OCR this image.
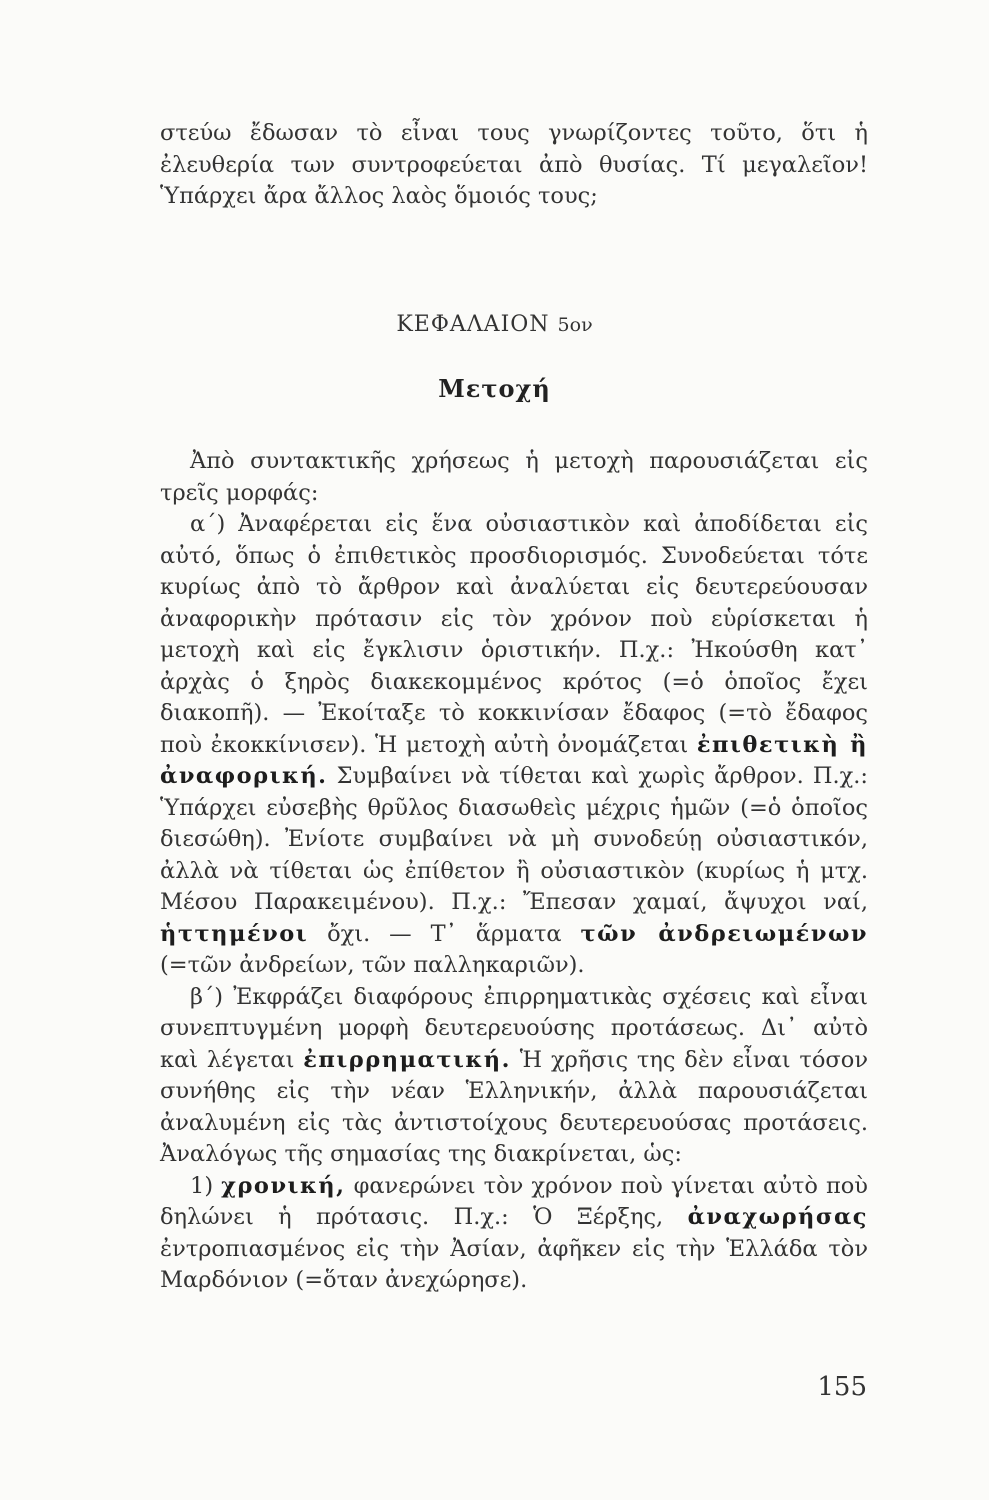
στεύω ἔδωσαν τὸ εἶναι τους γνωρίζοντες τοῦτο, ὅτι ἡ ἐλευθερία των συντροφεύεται ἀπὸ θυσίας. Τί μεγαλεῖον! Ὑπάρχει ἄρα ἄλλος λαὸς ὅμοιός τους;

ΚΕΦΑΛΑΙΟΝ 5ον
Μετοχή

Ἀπὸ συντακτικῆς χρήσεως ἡ μετοχὴ παρουσιάζεται εἰς τρεῖς μορφάς:

α΄) Ἀναφέρεται εἰς ἕνα οὐσιαστικὸν καὶ ἀποδίδεται εἰς αὐτό, ὅπως ὁ ἐπιθετικὸς προσδιορισμός. Συνοδεύεται τότε κυρίως ἀπὸ τὸ ἄρθρον καὶ ἀναλύεται εἰς δευτερεύουσαν ἀναφορικὴν πρότασιν εἰς τὸν χρόνον ποὺ εὑρίσκεται ἡ μετοχὴ καὶ εἰς ἔγκλισιν ὁριστικήν. Π.χ.: Ἠκούσθη κατ᾽ ἀρχὰς ὁ ξηρὸς διακεκομμένος κρότος (=ὁ ὁποῖος ἔχει διακοπῆ). — Ἐκοίταξε τὸ κοκκινίσαν ἔδαφος (=τὸ ἔδαφος ποὺ ἐκοκκίνισεν). Ἡ μετοχὴ αὐτὴ ὀνομάζεται ἐπιθετικὴ ἢ ἀναφορική. Συμβαίνει νὰ τίθεται καὶ χωρὶς ἄρθρον. Π.χ.: Ὑπάρχει εὐσεβὴς θρῦλος διασωθεὶς μέχρις ἡμῶν (=ὁ ὁποῖος διεσώθη). Ἐνίοτε συμβαίνει νὰ μὴ συνοδεύῃ οὐσιαστικόν, ἀλλὰ νὰ τίθεται ὡς ἐπίθετον ἢ οὐσιαστικὸν (κυρίως ἡ μτχ. Μέσου Παρακειμένου). Π.χ.: Ἔπεσαν χαμαί, ἄψυχοι ναί, ἡττημένοι ὄχι. — Τ᾽ ἅρματα τῶν ἀνδρειωμένων (=τῶν ἀνδρείων, τῶν παλληκαριῶν).

β΄) Ἐκφράζει διαφόρους ἐπιρρηματικὰς σχέσεις καὶ εἶναι συνεπτυγμένη μορφὴ δευτερευούσης προτάσεως. Δι᾽ αὐτὸ καὶ λέγεται ἐπιρρηματική. Ἡ χρῆσις της δὲν εἶναι τόσον συνήθης εἰς τὴν νέαν Ἑλληνικήν, ἀλλὰ παρουσιάζεται ἀναλυμένη εἰς τὰς ἀντιστοίχους δευτερευούσας προτάσεις. Ἀναλόγως τῆς σημασίας της διακρίνεται, ὡς:

1) χρονική, φανερώνει τὸν χρόνον ποὺ γίνεται αὐτὸ ποὺ δηλώνει ἡ πρότασις. Π.χ.: Ὁ Ξέρξης, ἀναχωρήσας ἐντροπιασμένος εἰς τὴν Ἀσίαν, ἀφῆκεν εἰς τὴν Ἑλλάδα τὸν Μαρδόνιον (=ὅταν ἀνεχώρησε).

155
